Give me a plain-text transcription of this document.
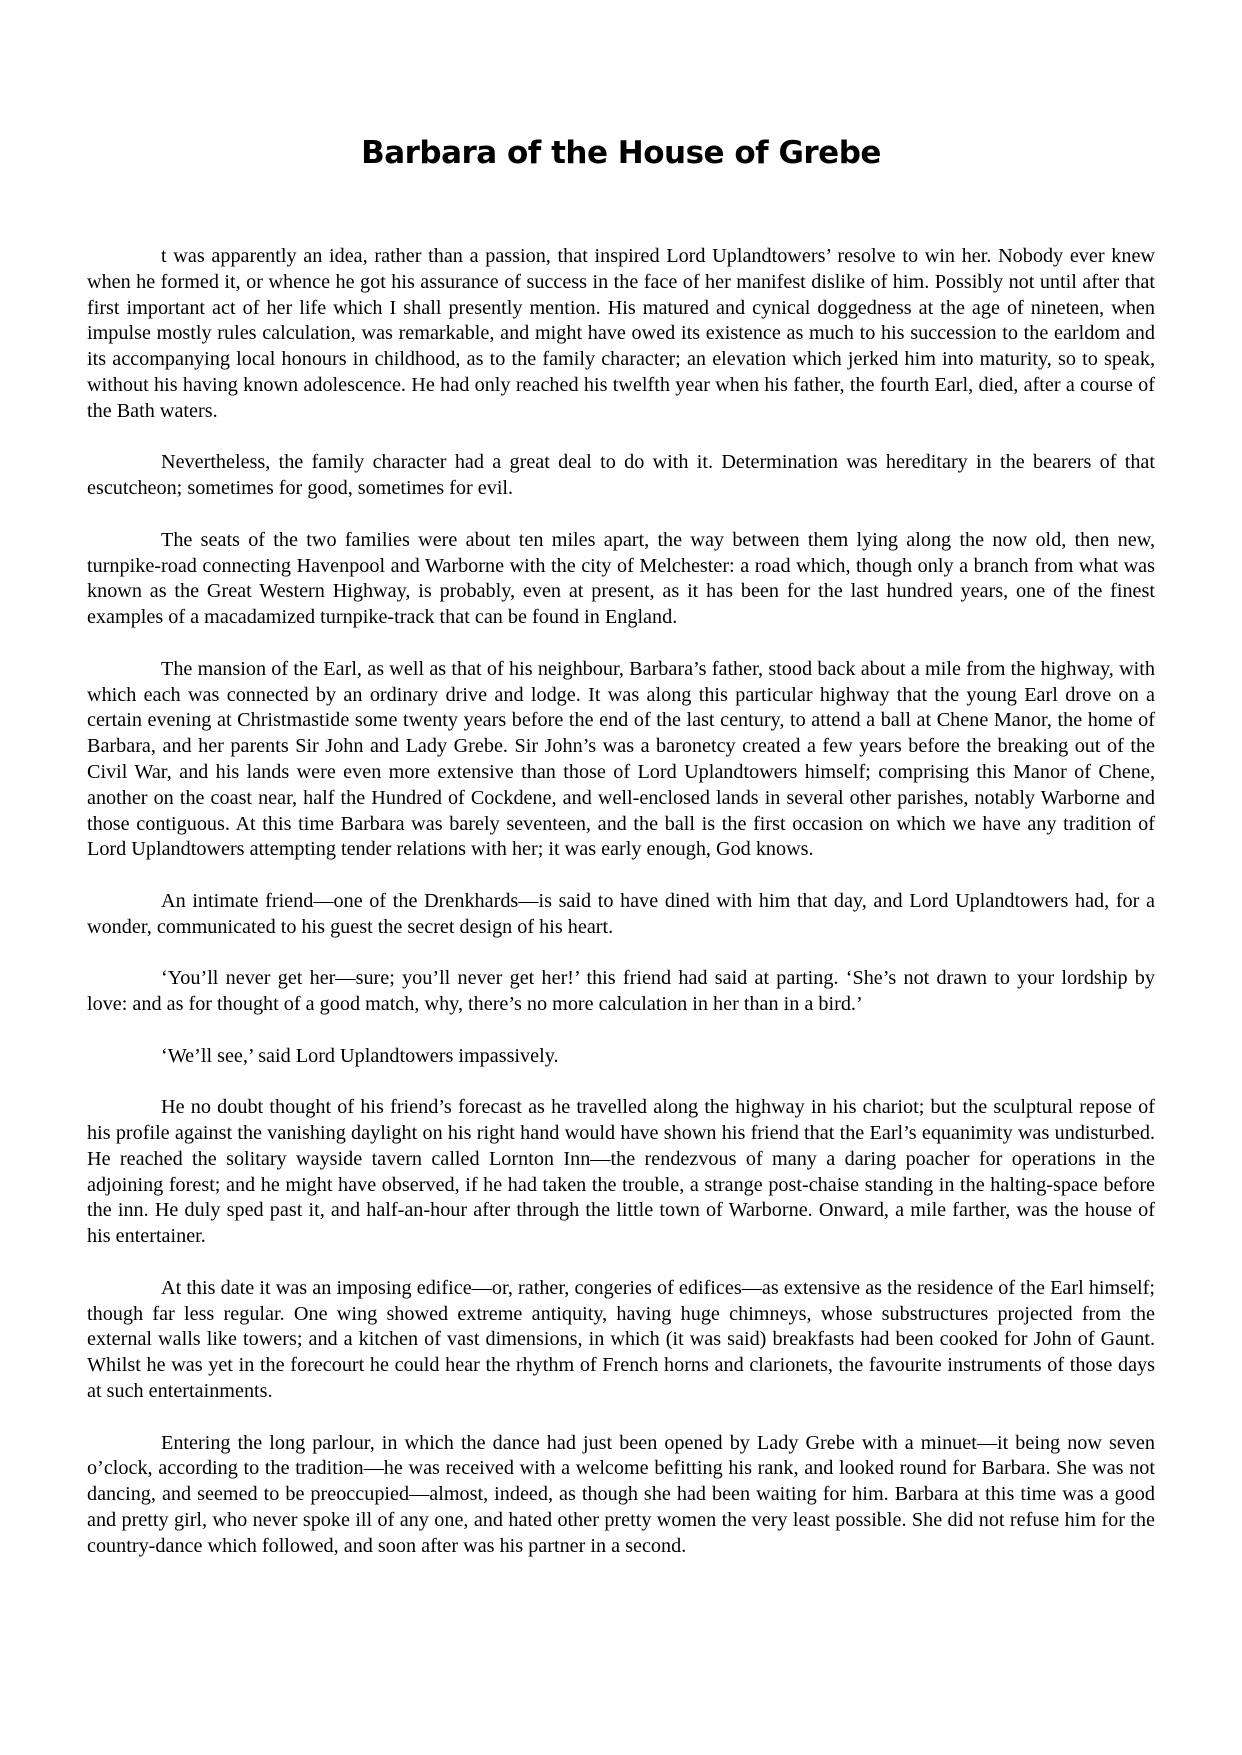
Barbara of the House of Grebe

t was apparently an idea, rather than a passion, that inspired Lord Uplandtowers’ resolve to win her. Nobody ever knew when he formed it, or whence he got his assurance of success in the face of her manifest dislike of him. Possibly not until after that first important act of her life which I shall presently mention. His matured and cynical doggedness at the age of nineteen, when impulse mostly rules calculation, was remarkable, and might have owed its existence as much to his succession to the earldom and its accompanying local honours in childhood, as to the family character; an elevation which jerked him into maturity, so to speak, without his having known adolescence. He had only reached his twelfth year when his father, the fourth Earl, died, after a course of the Bath waters.

Nevertheless, the family character had a great deal to do with it. Determination was hereditary in the bearers of that escutcheon; sometimes for good, sometimes for evil.

The seats of the two families were about ten miles apart, the way between them lying along the now old, then new, turnpike-road connecting Havenpool and Warborne with the city of Melchester: a road which, though only a branch from what was known as the Great Western Highway, is probably, even at present, as it has been for the last hundred years, one of the finest examples of a macadamized turnpike-track that can be found in England.

The mansion of the Earl, as well as that of his neighbour, Barbara’s father, stood back about a mile from the highway, with which each was connected by an ordinary drive and lodge. It was along this particular highway that the young Earl drove on a certain evening at Christmastide some twenty years before the end of the last century, to attend a ball at Chene Manor, the home of Barbara, and her parents Sir John and Lady Grebe. Sir John’s was a baronetcy created a few years before the breaking out of the Civil War, and his lands were even more extensive than those of Lord Uplandtowers himself; comprising this Manor of Chene, another on the coast near, half the Hundred of Cockdene, and well-enclosed lands in several other parishes, notably Warborne and those contiguous. At this time Barbara was barely seventeen, and the ball is the first occasion on which we have any tradition of Lord Uplandtowers attempting tender relations with her; it was early enough, God knows.

An intimate friend—one of the Drenkhards—is said to have dined with him that day, and Lord Uplandtowers had, for a wonder, communicated to his guest the secret design of his heart.

‘You’ll never get her—sure; you’ll never get her!’ this friend had said at parting. ‘She’s not drawn to your lordship by love: and as for thought of a good match, why, there’s no more calculation in her than in a bird.’

‘We’ll see,’ said Lord Uplandtowers impassively.

He no doubt thought of his friend’s forecast as he travelled along the highway in his chariot; but the sculptural repose of his profile against the vanishing daylight on his right hand would have shown his friend that the Earl’s equanimity was undisturbed. He reached the solitary wayside tavern called Lornton Inn—the rendezvous of many a daring poacher for operations in the adjoining forest; and he might have observed, if he had taken the trouble, a strange post-chaise standing in the halting-space before the inn. He duly sped past it, and half-an-hour after through the little town of Warborne. Onward, a mile farther, was the house of his entertainer.

At this date it was an imposing edifice—or, rather, congeries of edifices—as extensive as the residence of the Earl himself; though far less regular. One wing showed extreme antiquity, having huge chimneys, whose substructures projected from the external walls like towers; and a kitchen of vast dimensions, in which (it was said) breakfasts had been cooked for John of Gaunt. Whilst he was yet in the forecourt he could hear the rhythm of French horns and clarionets, the favourite instruments of those days at such entertainments.

Entering the long parlour, in which the dance had just been opened by Lady Grebe with a minuet—it being now seven o’clock, according to the tradition—he was received with a welcome befitting his rank, and looked round for Barbara. She was not dancing, and seemed to be preoccupied—almost, indeed, as though she had been waiting for him. Barbara at this time was a good and pretty girl, who never spoke ill of any one, and hated other pretty women the very least possible. She did not refuse him for the country-dance which followed, and soon after was his partner in a second.
